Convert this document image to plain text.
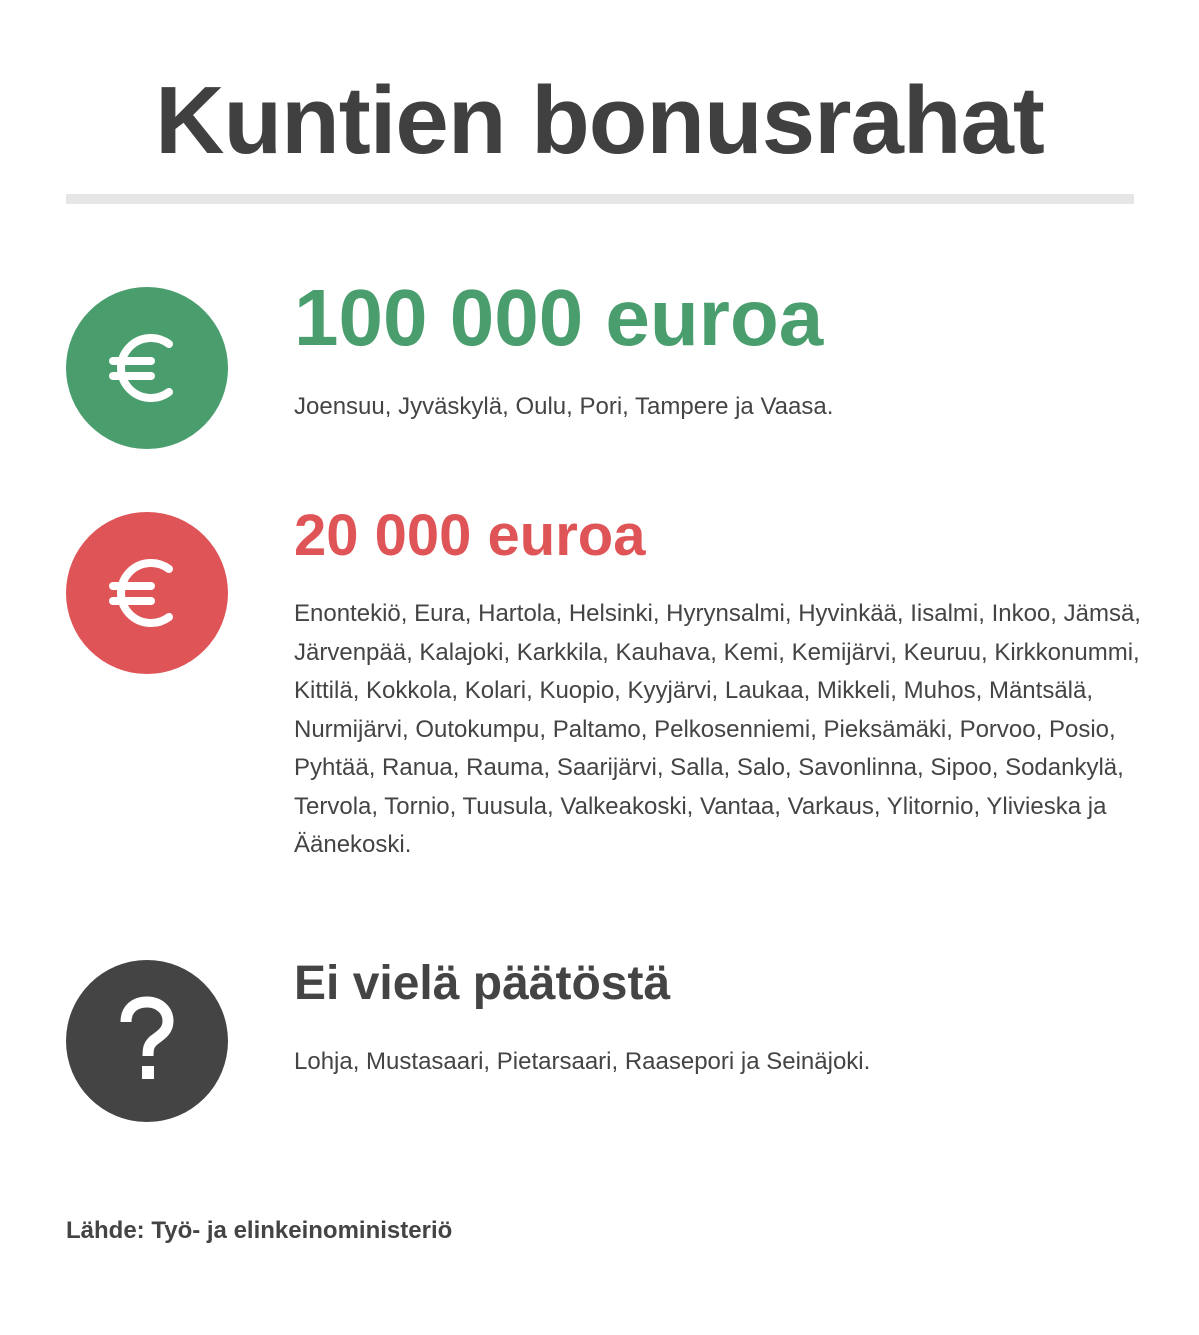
Kuntien bonusrahat
100 000 euroa

Joensuu, Jyväskylä, Oulu, Pori, Tampere ja Vaasa.

20 000 euroa

Enontekiö, Eura, Hartola, Helsinki, Hyrynsalmi, Hyvinkää, Iisalmi, Inkoo, Jämsä, Järvenpää, Kalajoki, Karkkila, Kauhava, Kemi, Kemijärvi, Keuruu, Kirkkonummi, Kittilä, Kokkola, Kolari, Kuopio, Kyyjärvi, Laukaa, Mikkeli, Muhos, Mäntsälä, Nurmijärvi, Outokumpu, Paltamo, Pelkosenniemi, Pieksämäki, Porvoo, Posio, Pyhtää, Ranua, Rauma, Saarijärvi, Salla, Salo, Savonlinna, Sipoo, Sodankylä, Tervola, Tornio, Tuusula, Valkeakoski, Vantaa, Varkaus, Ylitornio, Ylivieska ja Äänekoski.

Ei vielä päätöstä

Lohja, Mustasaari, Pietarsaari, Raasepori ja Seinäjoki.

Lähde: Työ- ja elinkeinoministeriö
